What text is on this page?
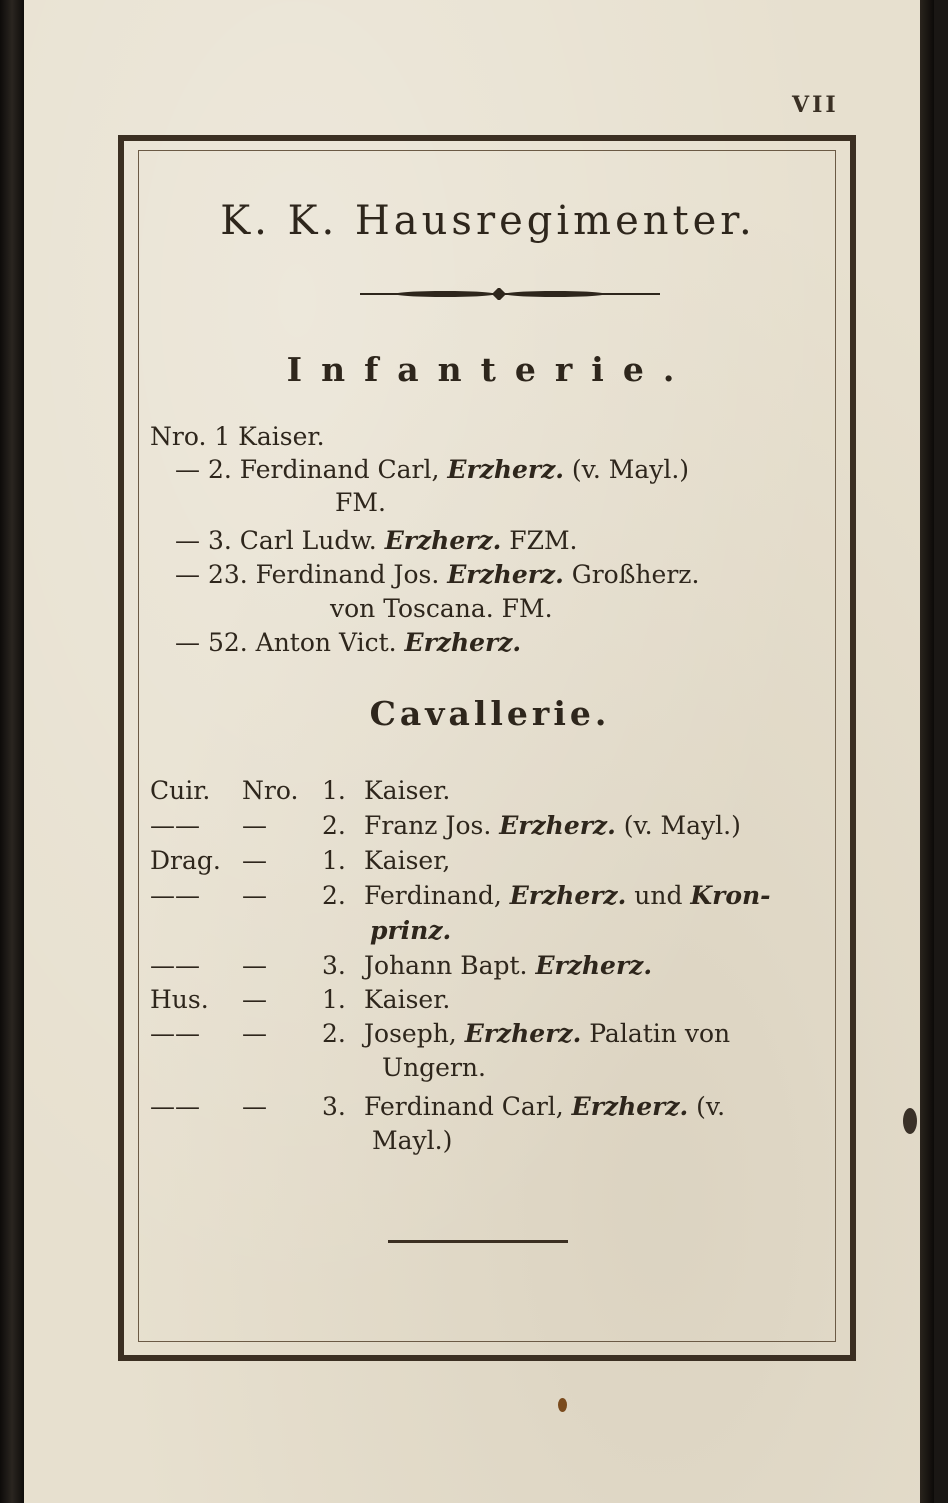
VII
K. K. Hausregimenter.
Infanterie.
Nro. 1 Kaiser.
— 2. Ferdinand Carl, Erzherz. (v. Mayl.)
FM.
— 3. Carl Ludw. Erzherz. FZM.
— 23. Ferdinand Jos. Erzherz. Großherz.
von Toscana. FM.
— 52. Anton Vict. Erzherz.
Cavallerie.
Cuir. Nro. 1. Kaiser.
—— — 2. Franz Jos. Erzherz. (v. Mayl.)
Drag. — 1. Kaiser,
—— — 2. Ferdinand, Erzherz. und Kron-
prinz.
—— — 3. Johann Bapt. Erzherz.
Hus. — 1. Kaiser.
—— — 2. Joseph, Erzherz. Palatin von
Ungern.
—— — 3. Ferdinand Carl, Erzherz. (v.
Mayl.)
